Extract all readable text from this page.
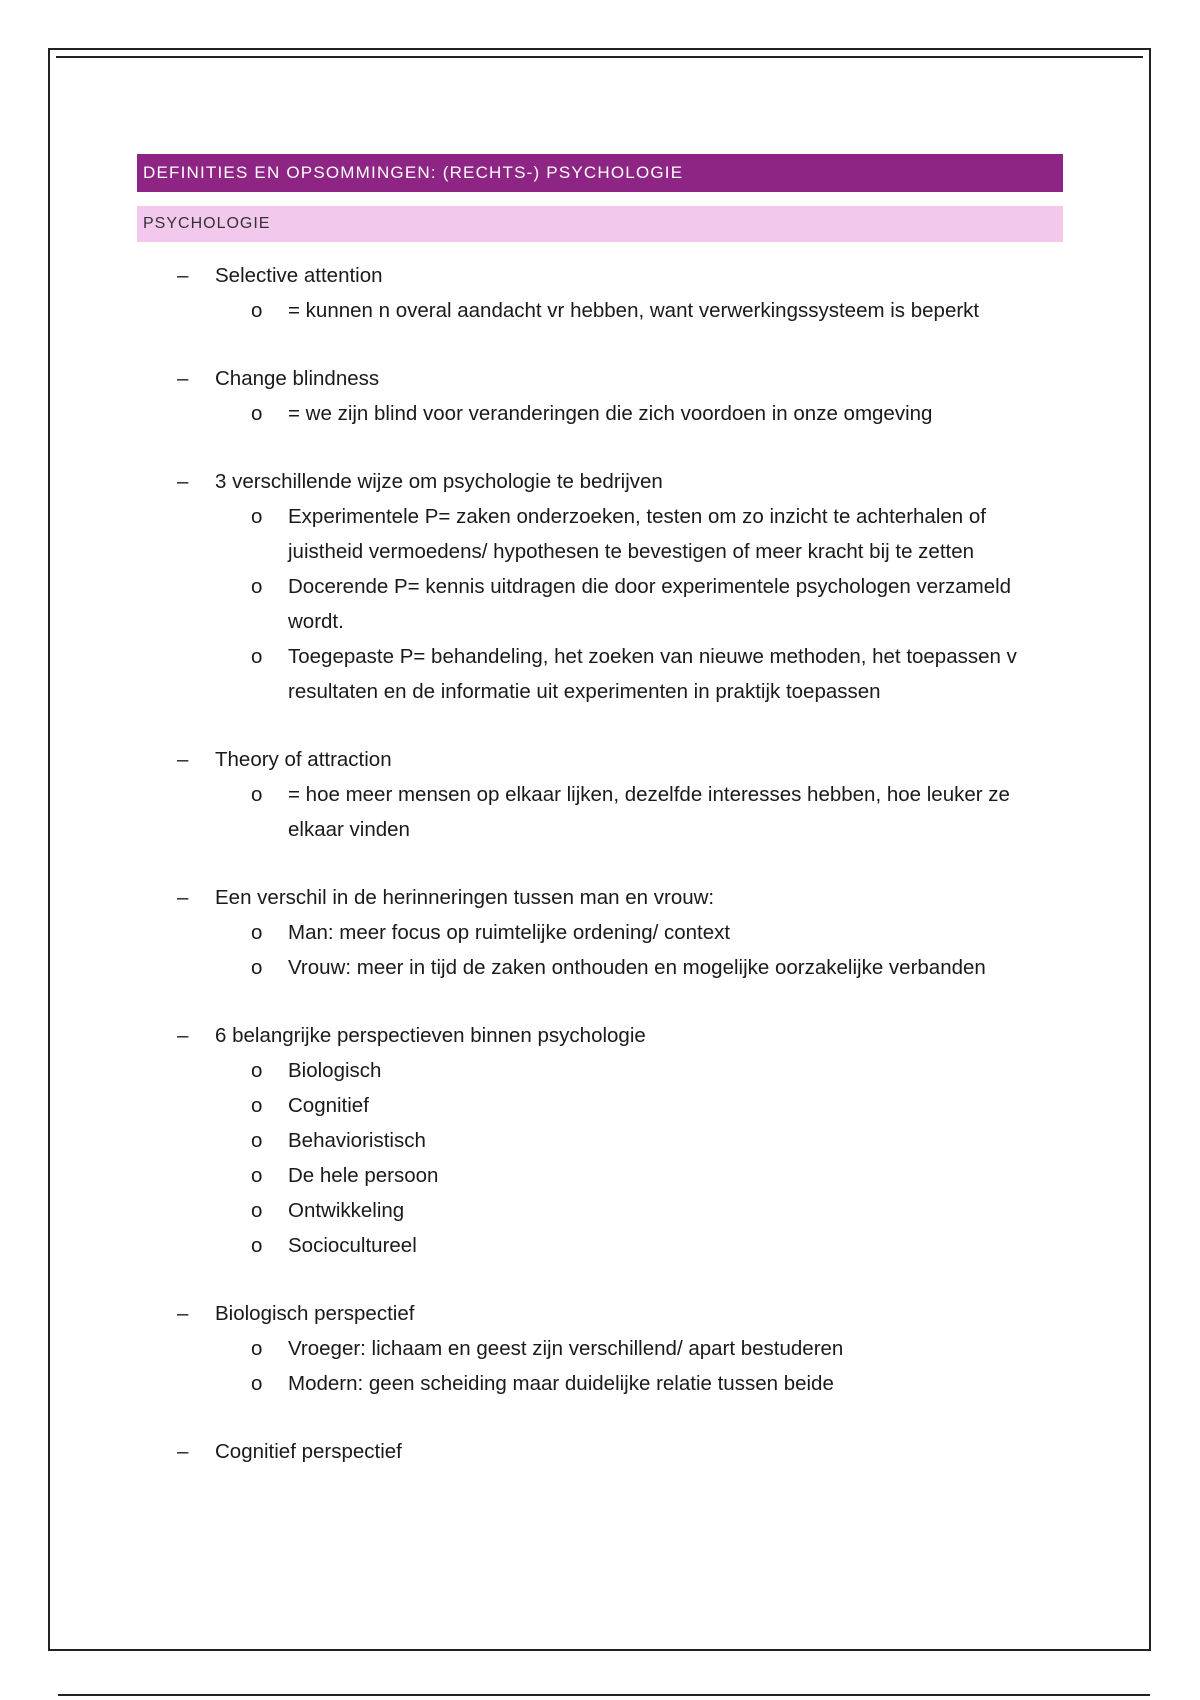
DEFINITIES EN OPSOMMINGEN: (RECHTS-) PSYCHOLOGIE
PSYCHOLOGIE
–	Selective attention
o = kunnen n overal aandacht vr hebben, want verwerkingssysteem is beperkt
–	Change blindness
o = we zijn blind voor veranderingen die zich voordoen in onze omgeving
–	3 verschillende wijze om psychologie te bedrijven
o Experimentele P= zaken onderzoeken, testen om zo inzicht te achterhalen of juistheid vermoedens/ hypothesen te bevestigen of meer kracht bij te zetten
o Docerende P= kennis uitdragen die door experimentele psychologen verzameld wordt.
o Toegepaste P= behandeling, het zoeken van nieuwe methoden, het toepassen v resultaten en de informatie uit experimenten in praktijk toepassen
–	Theory of attraction
o = hoe meer mensen op elkaar lijken, dezelfde interesses hebben, hoe leuker ze elkaar vinden
–	Een verschil in de herinneringen tussen man en vrouw:
o Man: meer focus op ruimtelijke ordening/ context
o Vrouw: meer in tijd de zaken onthouden en mogelijke oorzakelijke verbanden
–	6 belangrijke perspectieven binnen psychologie
o Biologisch
o Cognitief
o Behavioristisch
o De hele persoon
o Ontwikkeling
o Sociocultureel
–	Biologisch perspectief
o Vroeger: lichaam en geest zijn verschillend/ apart bestuderen
o Modern: geen scheiding maar duidelijke relatie tussen beide
–	Cognitief perspectief
